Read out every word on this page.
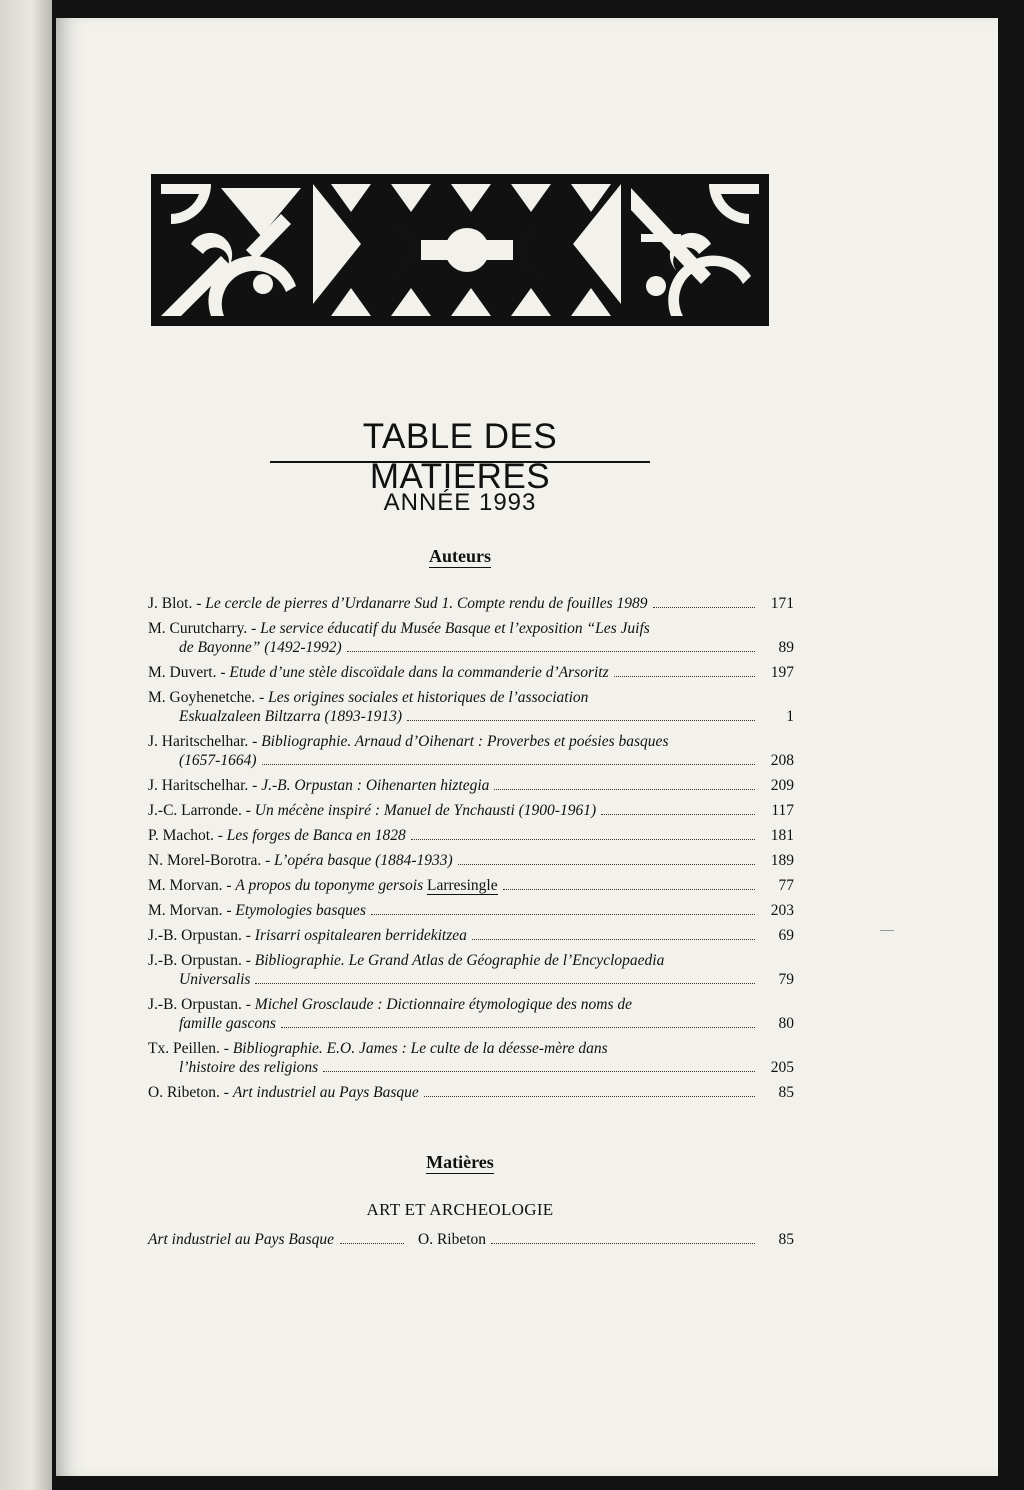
TABLE DES MATIERES
ANNÉE 1993
Auteurs
J. Blot. - Le cercle de pierres d’Urdanarre Sud 1. Compte rendu de fouilles 1989	171
M. Curutcharry. - Le service éducatif du Musée Basque et l’exposition “Les Juifs
de Bayonne” (1492-1992)	89
M. Duvert. - Etude d’une stèle discoïdale dans la commanderie d’Arsoritz	197
M. Goyhenetche. - Les origines sociales et historiques de l’association
Eskualzaleen Biltzarra (1893-1913)	1
J. Haritschelhar. - Bibliographie. Arnaud d’Oihenart : Proverbes et poésies basques
(1657-1664)	208
J. Haritschelhar. - J.-B. Orpustan : Oihenarten hiztegia	209
J.-C. Larronde. - Un mécène inspiré : Manuel de Ynchausti (1900-1961)	117
P. Machot. - Les forges de Banca en 1828	181
N. Morel-Borotra. - L’opéra basque (1884-1933)	189
M. Morvan. - A propos du toponyme gersois Larresingle	77
M. Morvan. - Etymologies basques	203
J.-B. Orpustan. - Irisarri ospitalearen berridekitzea	69
J.-B. Orpustan. - Bibliographie. Le Grand Atlas de Géographie de l’Encyclopaedia
Universalis	79
J.-B. Orpustan. - Michel Grosclaude : Dictionnaire étymologique des noms de
famille gascons	80
Tx. Peillen. - Bibliographie. E.O. James : Le culte de la déesse-mère dans
l’histoire des religions	205
O. Ribeton. - Art industriel au Pays Basque	85
Matières
ART ET ARCHEOLOGIE
Art industriel au Pays Basque	O. Ribeton	85
